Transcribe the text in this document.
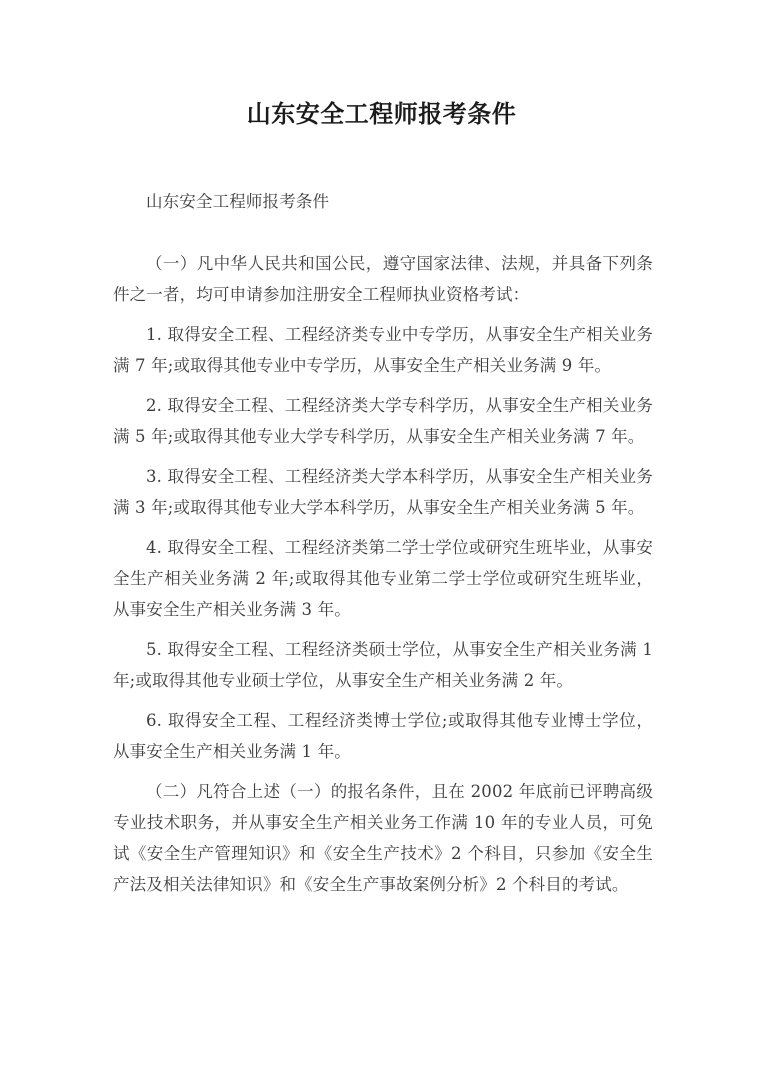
山东安全工程师报考条件

山东安全工程师报考条件

（一）凡中华人民共和国公民，遵守国家法律、法规，并具备下列条件之一者，均可申请参加注册安全工程师执业资格考试：

1. 取得安全工程、工程经济类专业中专学历，从事安全生产相关业务满 7 年;或取得其他专业中专学历，从事安全生产相关业务满 9 年。

2. 取得安全工程、工程经济类大学专科学历，从事安全生产相关业务满 5 年;或取得其他专业大学专科学历，从事安全生产相关业务满 7 年。

3. 取得安全工程、工程经济类大学本科学历，从事安全生产相关业务满 3 年;或取得其他专业大学本科学历，从事安全生产相关业务满 5 年。

4. 取得安全工程、工程经济类第二学士学位或研究生班毕业，从事安全生产相关业务满 2 年;或取得其他专业第二学士学位或研究生班毕业，从事安全生产相关业务满 3 年。

5. 取得安全工程、工程经济类硕士学位，从事安全生产相关业务满 1 年;或取得其他专业硕士学位，从事安全生产相关业务满 2 年。

6. 取得安全工程、工程经济类博士学位;或取得其他专业博士学位，从事安全生产相关业务满 1 年。

（二）凡符合上述（一）的报名条件，且在 2002 年底前已评聘高级专业技术职务，并从事安全生产相关业务工作满 10 年的专业人员，可免试《安全生产管理知识》和《安全生产技术》2 个科目，只参加《安全生产法及相关法律知识》和《安全生产事故案例分析》2 个科目的考试。
